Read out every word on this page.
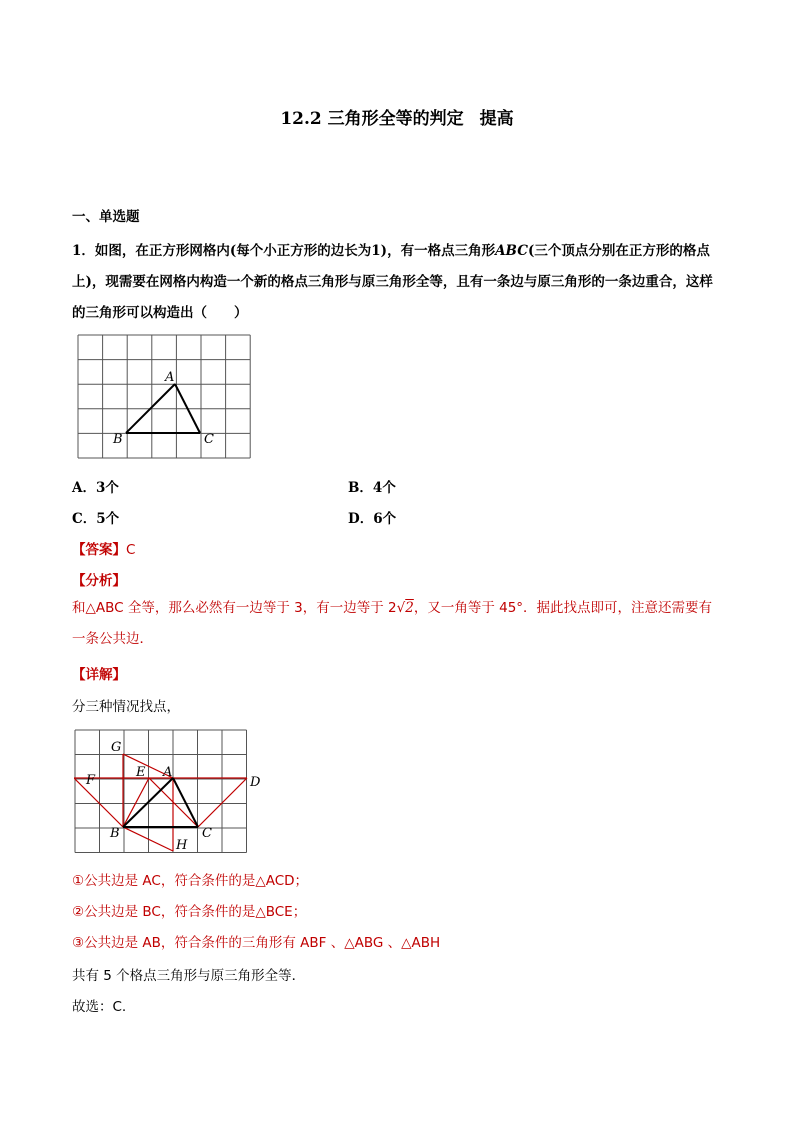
12.2 三角形全等的判定 提高
一、单选题
1．如图，在正方形网格内(每个小正方形的边长为1)，有一格点三角形ABC(三个顶点分别在正方形的格点上)，现需要在网格内构造一个新的格点三角形与原三角形全等，且有一条边与原三角形的一条边重合，这样的三角形可以构造出（　　）
A
B	C
A．3个	B．4个
C．5个	D．6个
【答案】C
【分析】
和△ABC 全等，那么必然有一边等于 3，有一边等于 2√2，又一角等于 45°．据此找点即可，注意还需要有一条公共边．
【详解】
分三种情况找点，
G
F
E A
D
B	C
H
①公共边是 AC，符合条件的是△ACD；
②公共边是 BC，符合条件的是△BCE；
③公共边是 AB，符合条件的三角形有 ABF 、△ABG 、△ABH
共有 5 个格点三角形与原三角形全等．
故选：C.
